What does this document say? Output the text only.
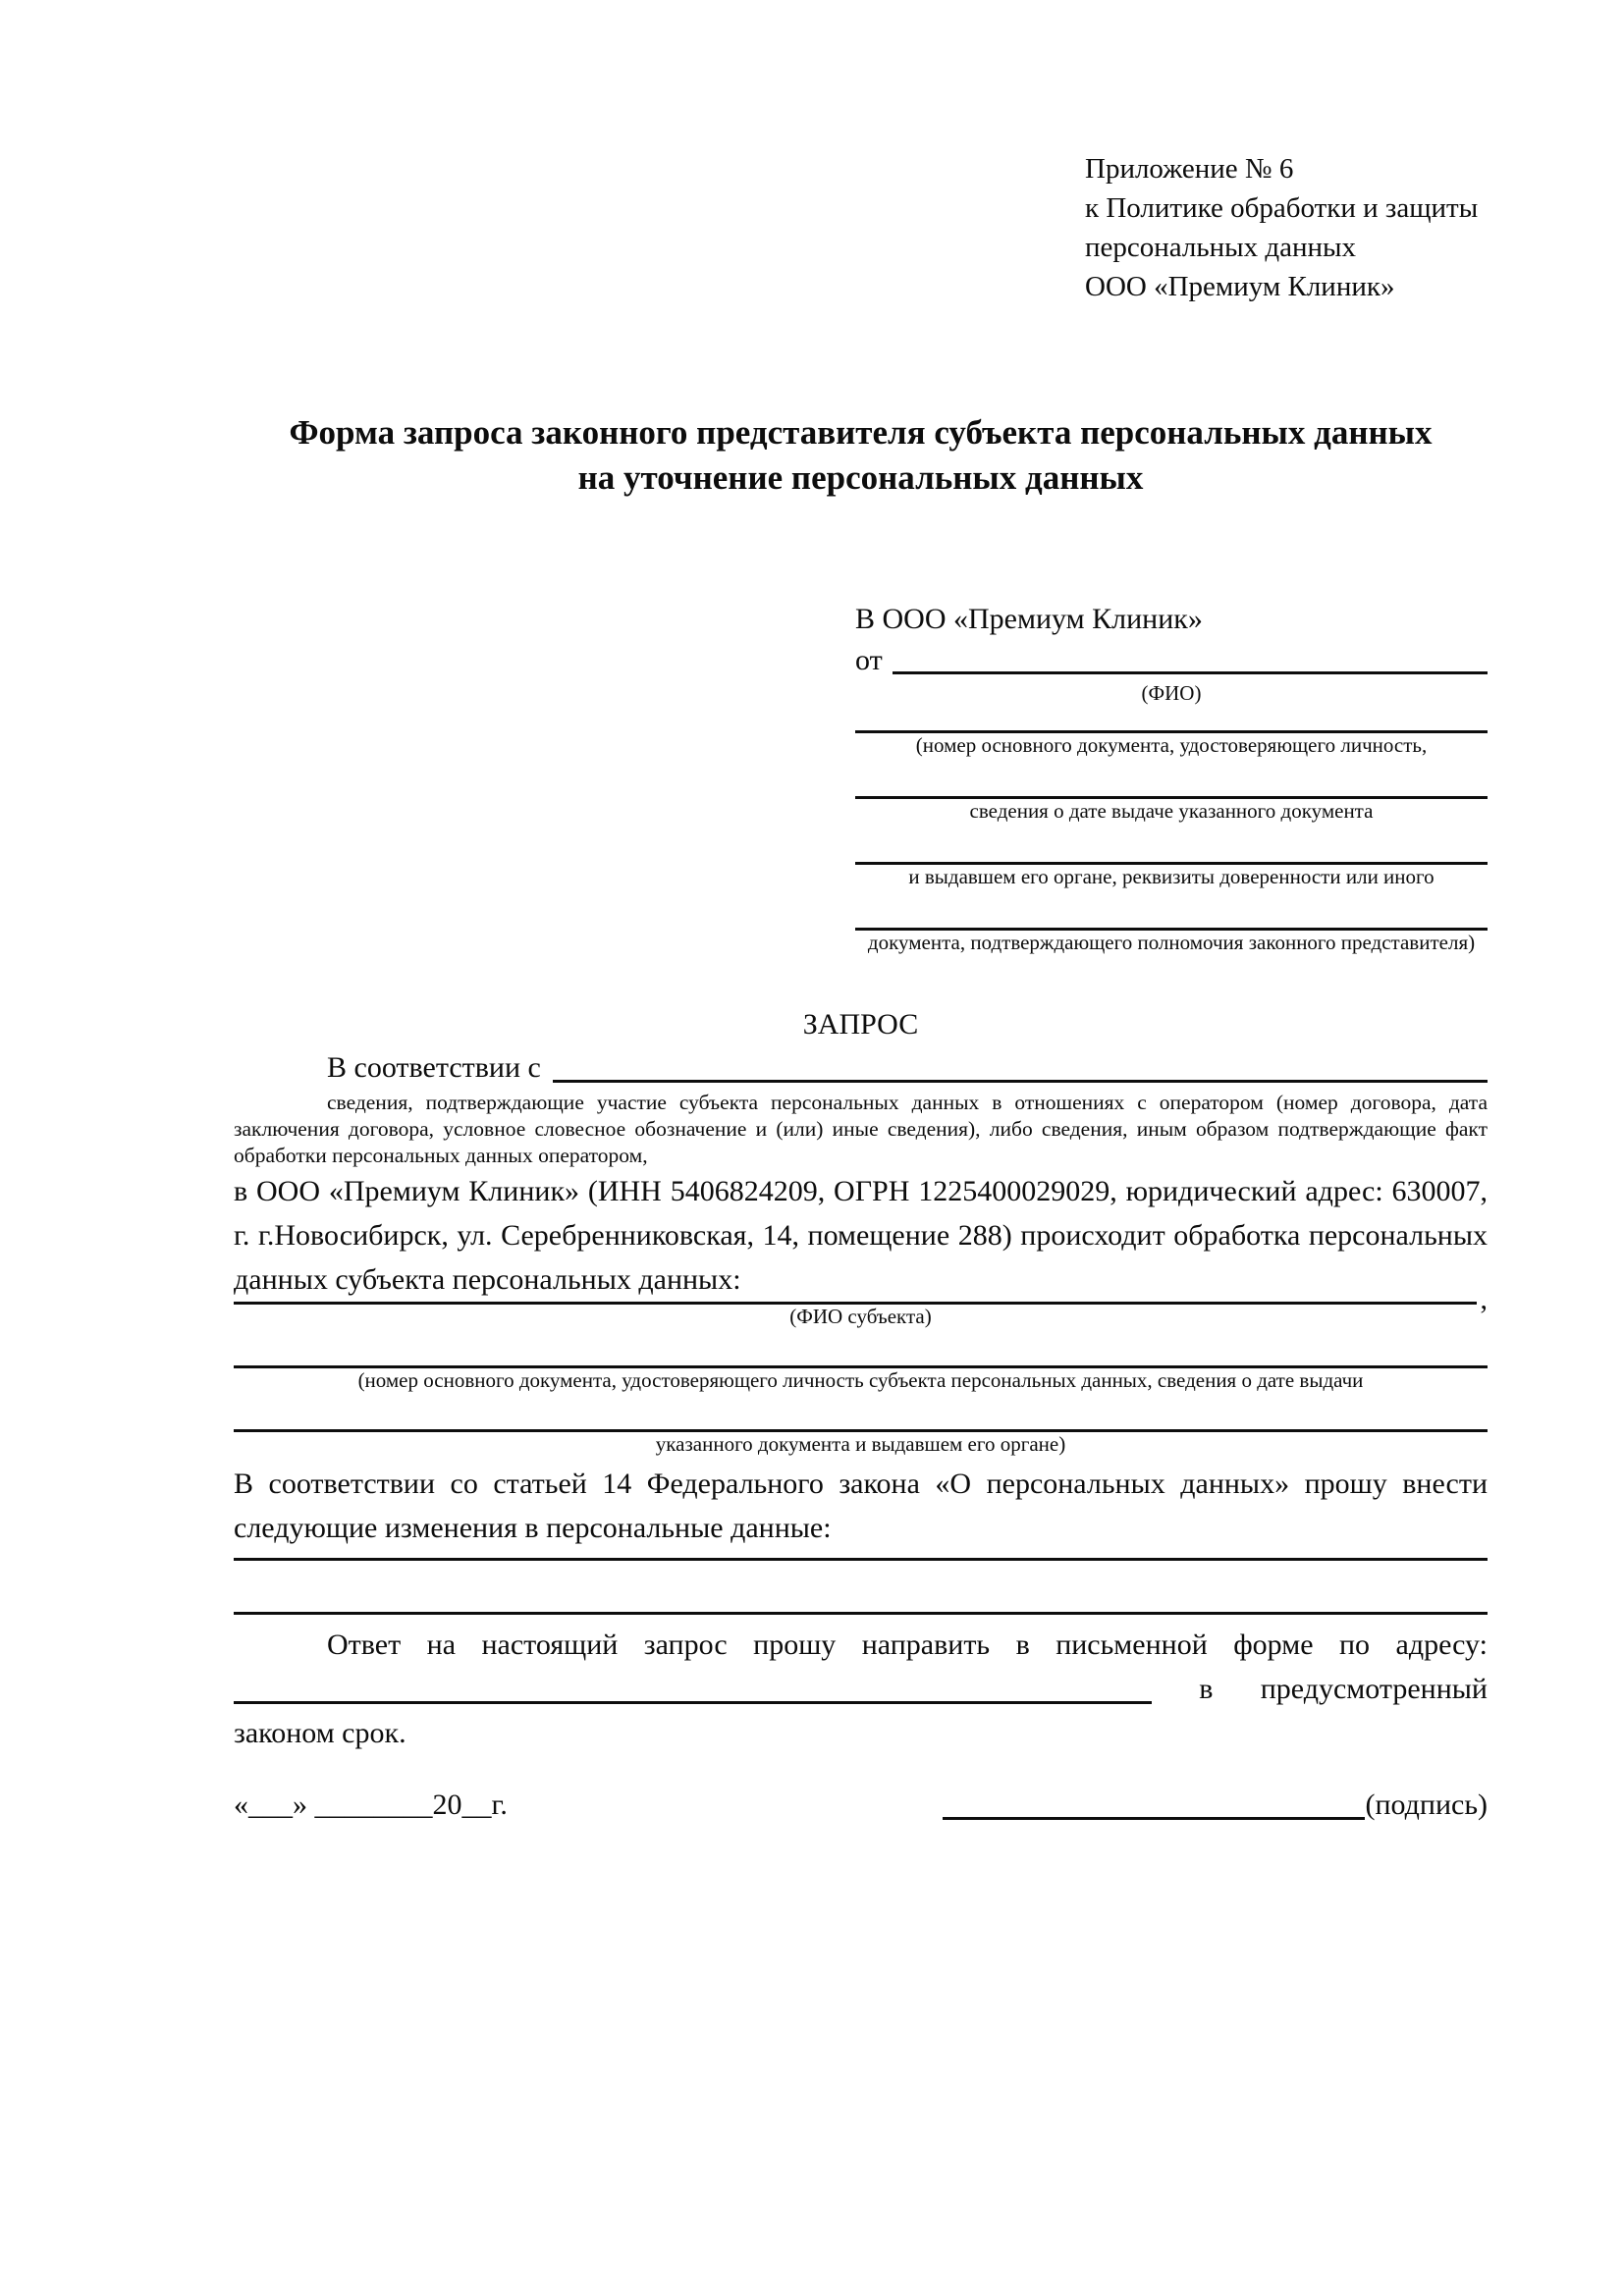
Приложение № 6
к Политике обработки и защиты
персональных данных
ООО «Премиум Клиник»
Форма запроса законного представителя субъекта персональных данных
на уточнение персональных данных
В ООО «Премиум Клиник»
от
(ФИО)
(номер основного документа, удостоверяющего личность,
сведения о дате выдаче указанного документа
и выдавшем его органе, реквизиты доверенности или иного
документа, подтверждающего полномочия законного представителя)
ЗАПРОС
В соответствии с
сведения, подтверждающие участие субъекта персональных данных в отношениях с оператором (номер договора, дата заключения договора, условное словесное обозначение и (или) иные сведения), либо сведения, иным образом подтверждающие факт обработки персональных данных оператором,
в ООО «Премиум Клиник» (ИНН 5406824209, ОГРН 1225400029029, юридический адрес: 630007, г. г.Новосибирск, ул. Серебренниковская, 14, помещение 288) происходит обработка персональных данных субъекта персональных данных:
,
(ФИО субъекта)
(номер основного документа, удостоверяющего личность субъекта персональных данных, сведения о дате выдачи
указанного документа и выдавшем его органе)
В соответствии со статьей 14 Федерального закона «О персональных данных» прошу внести следующие изменения в персональные данные:
Ответ на настоящий запрос прошу направить в письменной форме по адресу:
в предусмотренный
законом срок.
«___» ________20__г.	(подпись)
